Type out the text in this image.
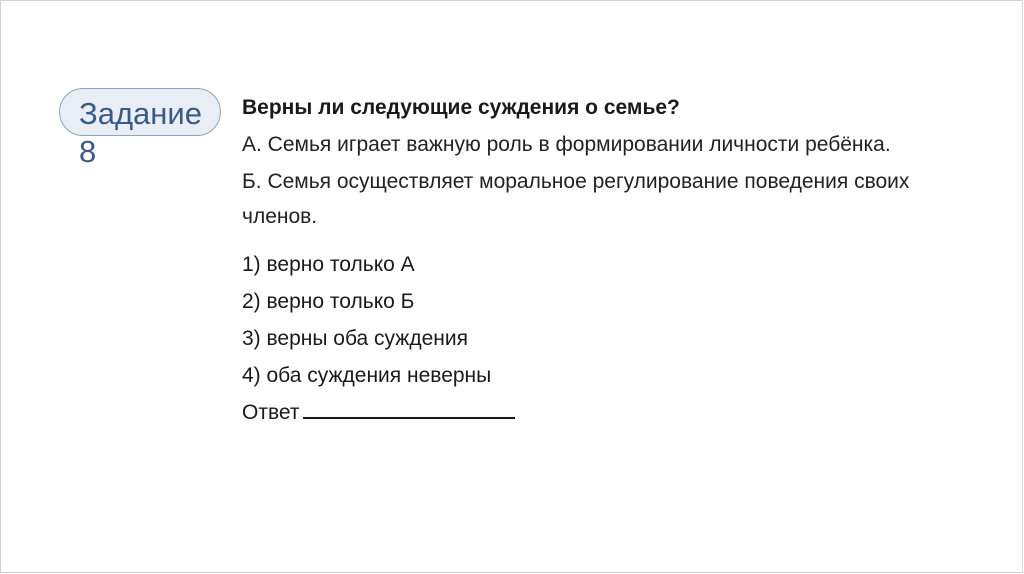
Задание 8

Верны ли следующие суждения о семье?

А. Семья играет важную роль в формировании личности ребёнка.

Б. Семья осуществляет моральное регулирование поведения своих членов.

1) верно только А

2) верно только Б

3) верны оба суждения

4) оба суждения неверны

Ответ
